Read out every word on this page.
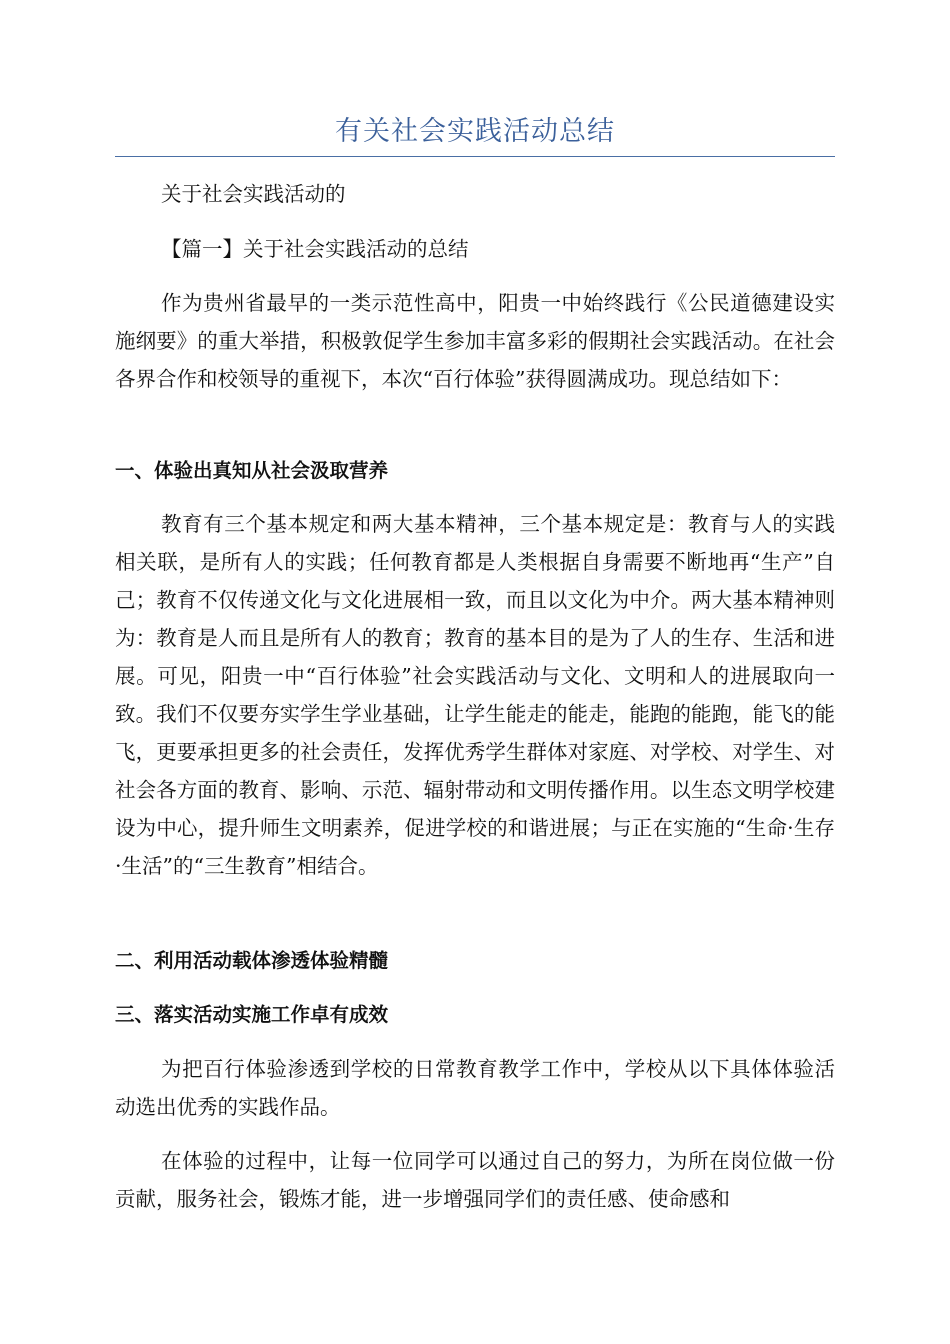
有关社会实践活动总结

关于社会实践活动的

【篇一】关于社会实践活动的总结

作为贵州省最早的一类示范性高中，阳贵一中始终践行《公民道德建设实施纲要》的重大举措，积极敦促学生参加丰富多彩的假期社会实践活动。在社会各界合作和校领导的重视下，本次“百行体验”获得圆满成功。现总结如下：

一、体验出真知从社会汲取营养

教育有三个基本规定和两大基本精神，三个基本规定是：教育与人的实践相关联，是所有人的实践；任何教育都是人类根据自身需要不断地再“生产”自己；教育不仅传递文化与文化进展相一致，而且以文化为中介。两大基本精神则为：教育是人而且是所有人的教育；教育的基本目的是为了人的生存、生活和进展。可见，阳贵一中“百行体验”社会实践活动与文化、文明和人的进展取向一致。我们不仅要夯实学生学业基础，让学生能走的能走，能跑的能跑，能飞的能飞，更要承担更多的社会责任，发挥优秀学生群体对家庭、对学校、对学生、对社会各方面的教育、影响、示范、辐射带动和文明传播作用。以生态文明学校建设为中心，提升师生文明素养，促进学校的和谐进展；与正在实施的“生命·生存·生活”的“三生教育”相结合。

二、利用活动载体渗透体验精髓
三、落实活动实施工作卓有成效

为把百行体验渗透到学校的日常教育教学工作中，学校从以下具体体验活动选出优秀的实践作品。

在体验的过程中，让每一位同学可以通过自己的努力，为所在岗位做一份贡献，服务社会，锻炼才能，进一步增强同学们的责任感、使命感和
